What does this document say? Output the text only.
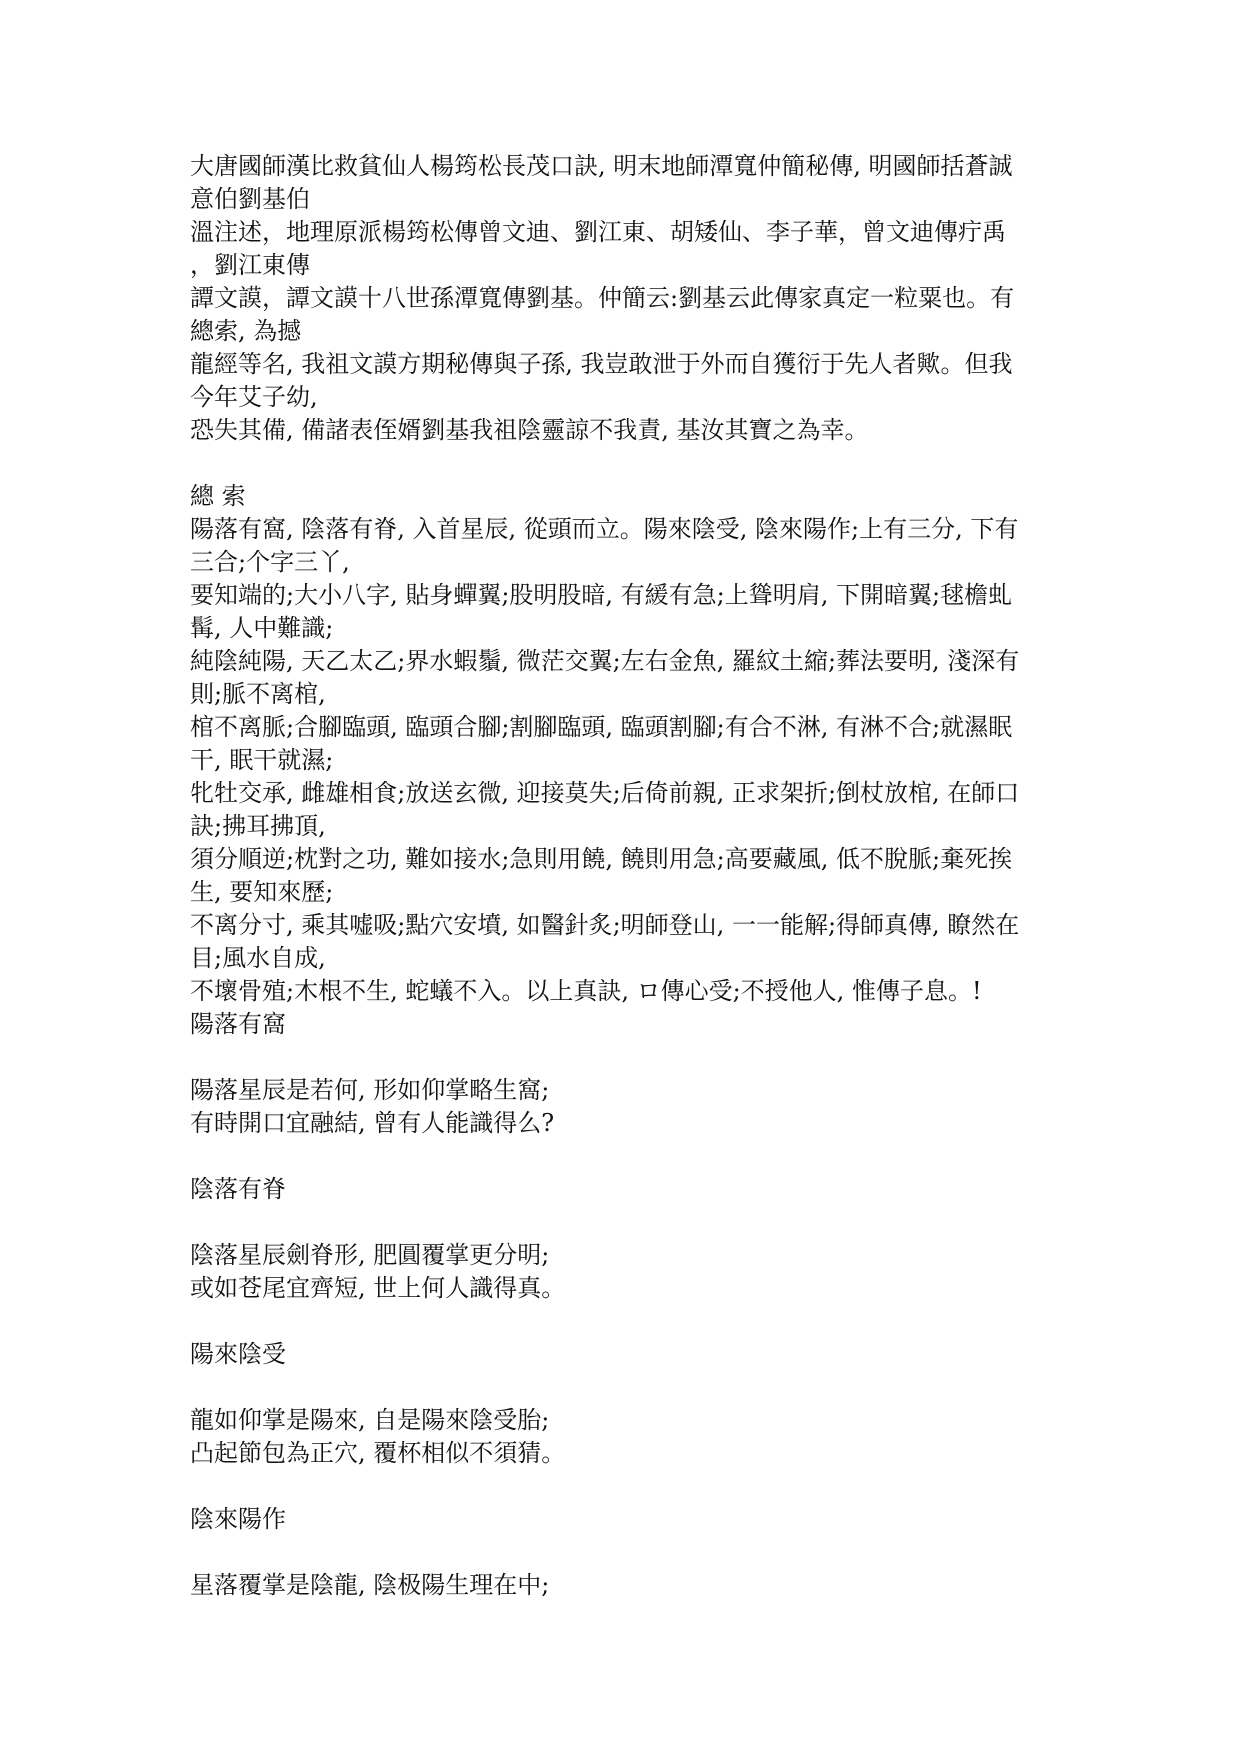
大唐國師漢比救貧仙人楊筠松長茂口訣, 明末地師潭寬仲簡秘傳, 明國師括蒼誠

意伯劉基伯

溫注述，地理原派楊筠松傳曾文迪、劉江東、胡矮仙、李子華，曾文迪傳疔禹

，劉江東傳

譚文謨，譚文謨十八世孫潭寬傳劉基。仲簡云:劉基云此傳家真定一粒粟也。有

總索, 為撼

龍經等名, 我祖文謨方期秘傳與子孫, 我豈敢泄于外而自獲衍于先人者歟。但我

今年艾子幼,

恐失其備, 備諸表侄婿劉基我祖陰靈諒不我責, 基汝其寶之為幸。

總 索

陽落有窩, 陰落有脊, 入首星辰, 從頭而立。陽來陰受, 陰來陽作;上有三分, 下有

三合;个字三丫,

要知端的;大小八字, 貼身蟬翼;股明股暗, 有緩有急;上聳明肩, 下開暗翼;毬檐虬

髯, 人中難識;

純陰純陽, 天乙太乙;界水蝦鬚, 微茫交翼;左右金魚, 羅紋土縮;葬法要明, 淺深有

則;脈不离棺,

棺不离脈;合腳臨頭, 臨頭合腳;割腳臨頭, 臨頭割腳;有合不淋, 有淋不合;就濕眠

干, 眠干就濕;

牝牡交承, 雌雄相食;放送玄微, 迎接莫失;后倚前親, 正求架折;倒杖放棺, 在師口

訣;拂耳拂頂,

須分順逆;枕對之功, 難如接水;急則用饒, 饒則用急;高要藏風, 低不脫脈;棄死挨

生, 要知來歷;

不离分寸, 乘其嘘吸;點穴安墳, 如醫針炙;明師登山, 一一能解;得師真傳, 瞭然在

目;風水自成,

不壞骨殖;木根不生, 蛇蟻不入。以上真訣, ロ傳心受;不授他人, 惟傳子息。!

陽落有窩

陽落星辰是若何, 形如仰掌略生窩;

有時開口宜融結, 曾有人能識得么?

陰落有脊

陰落星辰劍脊形, 肥圓覆掌更分明;

或如苍尾宜齊短, 世上何人識得真。

陽來陰受

龍如仰掌是陽來, 自是陽來陰受胎;

凸起節包為正穴, 覆杯相似不須猜。

陰來陽作

星落覆掌是陰龍, 陰极陽生理在中;
